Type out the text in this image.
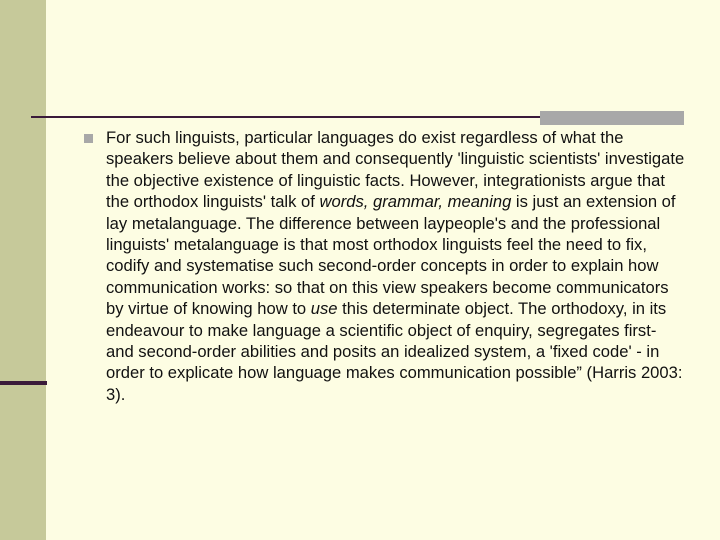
For such linguists, particular languages do exist regardless of what the speakers believe about them and consequently 'linguistic scientists' investigate the objective existence of linguistic facts. However, integrationists argue that the orthodox linguists' talk of words, grammar, meaning is just an extension of lay metalanguage. The difference between laypeople's and the professional linguists' metalanguage is that most orthodox linguists feel the need to fix, codify and systematise such second-order concepts in order to explain how communication works: so that on this view speakers become communicators by virtue of knowing how to use this determinate object. The orthodoxy, in its endeavour to make language a scientific object of enquiry, segregates first- and second-order abilities and posits an idealized system, a 'fixed code' - in order to explicate how language makes communication possible” (Harris 2003: 3).
